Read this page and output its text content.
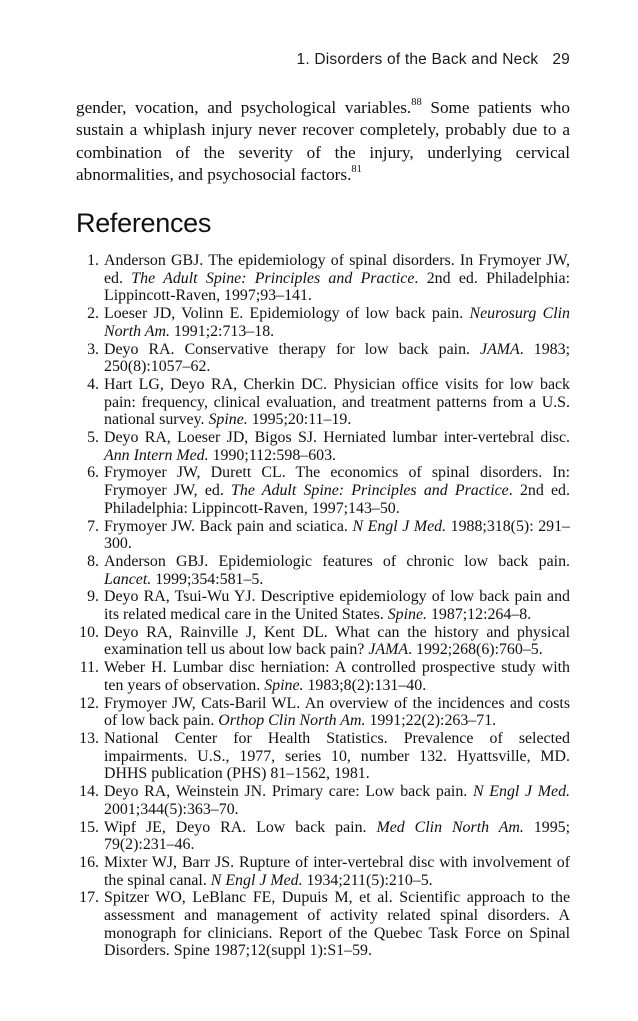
1. Disorders of the Back and Neck 29

gender, vocation, and psychological variables.$^{88}$ Some patients who sustain a whiplash injury never recover completely, probably due to a combination of the severity of the injury, underlying cervical abnormalities, and psychosocial factors.$^{81}$

References
1. Anderson GBJ. The epidemiology of spinal disorders. In Frymoyer JW, ed. The Adult Spine: Principles and Practice. 2nd ed. Philadelphia: Lippincott-Raven, 1997;93–141.
2. Loeser JD, Volinn E. Epidemiology of low back pain. Neurosurg Clin North Am. 1991;2:713–18.
3. Deyo RA. Conservative therapy for low back pain. JAMA. 1983; 250(8):1057–62.
4. Hart LG, Deyo RA, Cherkin DC. Physician office visits for low back pain: frequency, clinical evaluation, and treatment patterns from a U.S. national survey. Spine. 1995;20:11–19.
5. Deyo RA, Loeser JD, Bigos SJ. Herniated lumbar inter-vertebral disc. Ann Intern Med. 1990;112:598–603.
6. Frymoyer JW, Durett CL. The economics of spinal disorders. In: Frymoyer JW, ed. The Adult Spine: Principles and Practice. 2nd ed. Philadelphia: Lippincott-Raven, 1997;143–50.
7. Frymoyer JW. Back pain and sciatica. N Engl J Med. 1988;318(5): 291–300.
8. Anderson GBJ. Epidemiologic features of chronic low back pain. Lancet. 1999;354:581–5.
9. Deyo RA, Tsui-Wu YJ. Descriptive epidemiology of low back pain and its related medical care in the United States. Spine. 1987;12:264–8.
10. Deyo RA, Rainville J, Kent DL. What can the history and physical examination tell us about low back pain? JAMA. 1992;268(6):760–5.
11. Weber H. Lumbar disc herniation: A controlled prospective study with ten years of observation. Spine. 1983;8(2):131–40.
12. Frymoyer JW, Cats-Baril WL. An overview of the incidences and costs of low back pain. Orthop Clin North Am. 1991;22(2):263–71.
13. National Center for Health Statistics. Prevalence of selected impairments. U.S., 1977, series 10, number 132. Hyattsville, MD. DHHS publication (PHS) 81–1562, 1981.
14. Deyo RA, Weinstein JN. Primary care: Low back pain. N Engl J Med. 2001;344(5):363–70.
15. Wipf JE, Deyo RA. Low back pain. Med Clin North Am. 1995; 79(2):231–46.
16. Mixter WJ, Barr JS. Rupture of inter-vertebral disc with involvement of the spinal canal. N Engl J Med. 1934;211(5):210–5.
17. Spitzer WO, LeBlanc FE, Dupuis M, et al. Scientific approach to the assessment and management of activity related spinal disorders. A monograph for clinicians. Report of the Quebec Task Force on Spinal Disorders. Spine 1987;12(suppl 1):S1–59.
